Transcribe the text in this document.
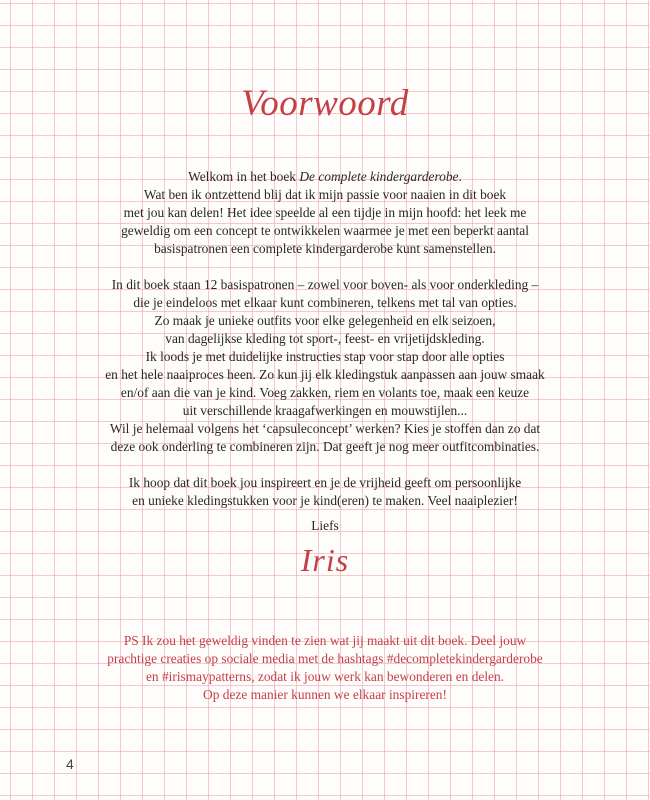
Voorwoord
Welkom in het boek De complete kindergarderobe.
Wat ben ik ontzettend blij dat ik mijn passie voor naaien in dit boek
met jou kan delen! Het idee speelde al een tijdje in mijn hoofd: het leek me
geweldig om een concept te ontwikkelen waarmee je met een beperkt aantal
basispatronen een complete kindergarderobe kunt samenstellen.
In dit boek staan 12 basispatronen – zowel voor boven- als voor onderkleding –
die je eindeloos met elkaar kunt combineren, telkens met tal van opties.
Zo maak je unieke outfits voor elke gelegenheid en elk seizoen,
van dagelijkse kleding tot sport-, feest- en vrijetijdskleding.
Ik loods je met duidelijke instructies stap voor stap door alle opties
en het hele naaiproces heen. Zo kun jij elk kledingstuk aanpassen aan jouw smaak
en/of aan die van je kind. Voeg zakken, riem en volants toe, maak een keuze
uit verschillende kraagafwerkingen en mouwstijlen...
Wil je helemaal volgens het ‘capsuleconcept’ werken? Kies je stoffen dan zo dat
deze ook onderling te combineren zijn. Dat geeft je nog meer outfitcombinaties.
Ik hoop dat dit boek jou inspireert en je de vrijheid geeft om persoonlijke
en unieke kledingstukken voor je kind(eren) te maken. Veel naaiplezier!
Liefs
Iris
PS Ik zou het geweldig vinden te zien wat jij maakt uit dit boek. Deel jouw
prachtige creaties op sociale media met de hashtags #decompletekindergarderobe
en #irismaypatterns, zodat ik jouw werk kan bewonderen en delen.
Op deze manier kunnen we elkaar inspireren!
4
